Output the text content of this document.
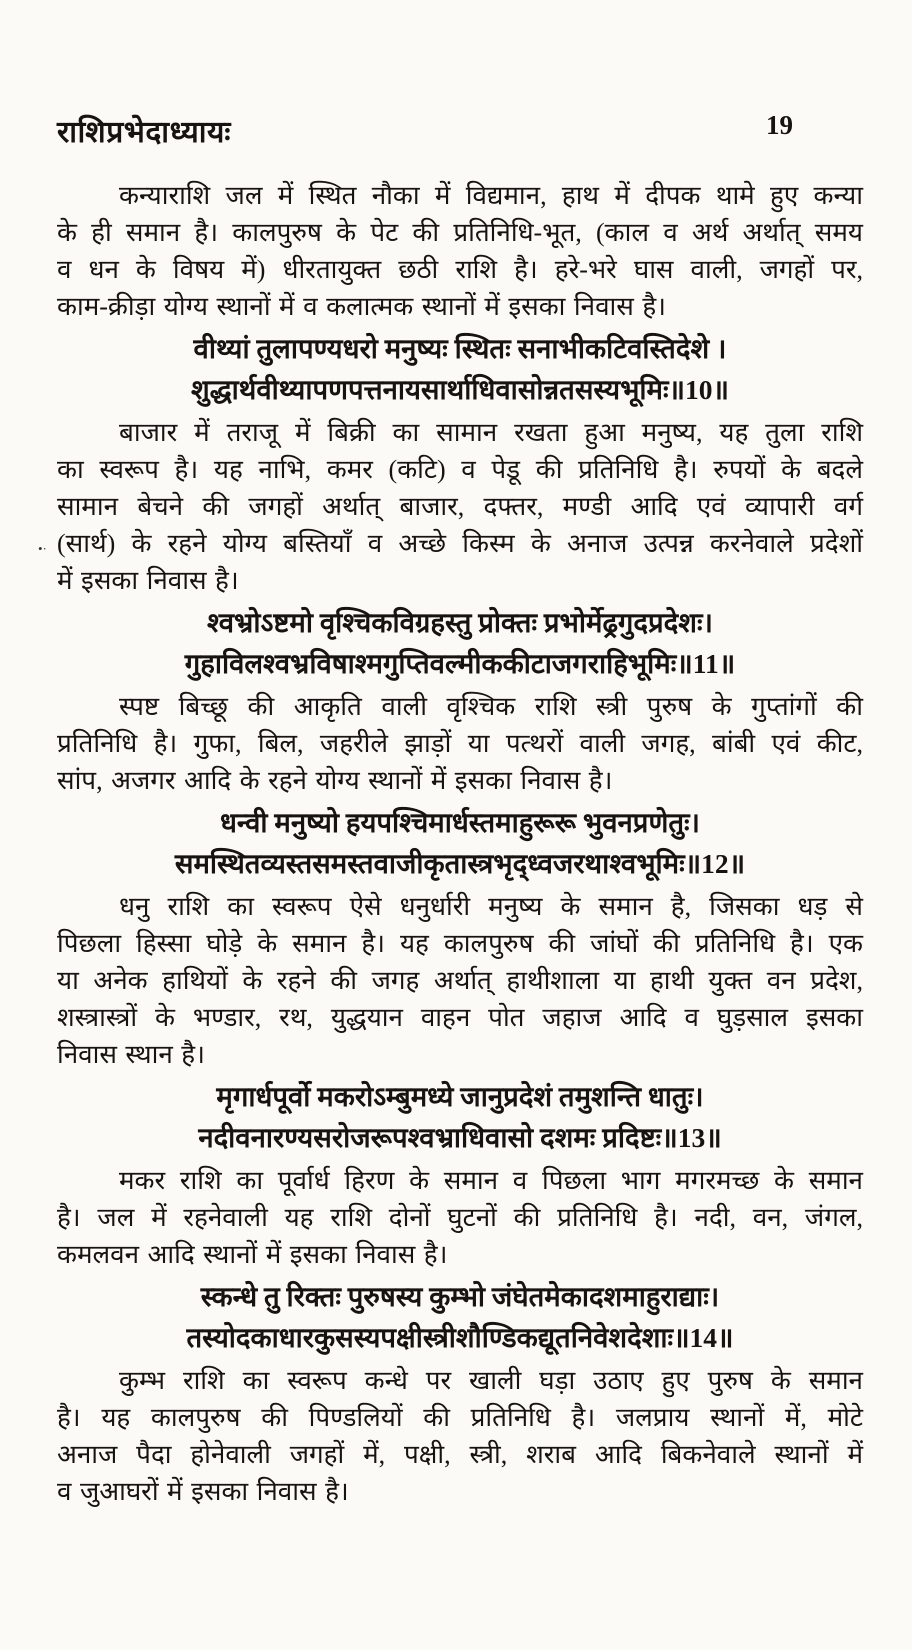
राशिप्रभेदाध्यायः	19
कन्याराशि जल में स्थित नौका में विद्यमान, हाथ में दीपक थामे हुए कन्या
के ही समान है। कालपुरुष के पेट की प्रतिनिधि-भूत, (काल व अर्थ अर्थात् समय
व धन के विषय में) धीरतायुक्त छठी राशि है। हरे-भरे घास वाली, जगहों पर,
काम-क्रीड़ा योग्य स्थानों में व कलात्मक स्थानों में इसका निवास है।
वीथ्यां तुलापण्यधरो मनुष्यः स्थितः सनाभीकटिवस्तिदेशे ।
शुद्धार्थवीथ्यापणपत्तनायसार्थाधिवासोन्नतसस्यभूमिः॥10॥
बाजार में तराजू में बिक्री का सामान रखता हुआ मनुष्य, यह तुला राशि
का स्वरूप है। यह नाभि, कमर (कटि) व पेडू की प्रतिनिधि है। रुपयों के बदले
सामान बेचने की जगहों अर्थात् बाजार, दफ्तर, मण्डी आदि एवं व्यापारी वर्ग
(सार्थ) के रहने योग्य बस्तियाँ व अच्छे किस्म के अनाज उत्पन्न करनेवाले प्रदेशों
में इसका निवास है।
श्वभ्रोऽष्टमो वृश्चिकविग्रहस्तु प्रोक्तः प्रभोर्मेढ्रगुदप्रदेशः।
गुहाविलश्वभ्रविषाश्मगुप्तिवल्मीककीटाजगराहिभूमिः॥11॥
स्पष्ट बिच्छू की आकृति वाली वृश्चिक राशि स्त्री पुरुष के गुप्तांगों की
प्रतिनिधि है। गुफा, बिल, जहरीले झाड़ों या पत्थरों वाली जगह, बांबी एवं कीट,
सांप, अजगर आदि के रहने योग्य स्थानों में इसका निवास है।
धन्वी मनुष्यो हयपश्चिमार्धस्तमाहुरूरू भुवनप्रणेतुः।
समस्थितव्यस्तसमस्तवाजीकृतास्त्रभृद्ध्वजरथाश्वभूमिः॥12॥
धनु राशि का स्वरूप ऐसे धनुर्धारी मनुष्य के समान है, जिसका धड़ से
पिछला हिस्सा घोड़े के समान है। यह कालपुरुष की जांघों की प्रतिनिधि है। एक
या अनेक हाथियों के रहने की जगह अर्थात् हाथीशाला या हाथी युक्त वन प्रदेश,
शस्त्रास्त्रों के भण्डार, रथ, युद्धयान वाहन पोत जहाज आदि व घुड़साल इसका
निवास स्थान है।
मृगार्धपूर्वो मकरोऽम्बुमध्ये जानुप्रदेशं तमुशन्ति धातुः।
नदीवनारण्यसरोजरूपश्वभ्राधिवासो दशमः प्रदिष्टः॥13॥
मकर राशि का पूर्वार्ध हिरण के समान व पिछला भाग मगरमच्छ के समान
है। जल में रहनेवाली यह राशि दोनों घुटनों की प्रतिनिधि है। नदी, वन, जंगल,
कमलवन आदि स्थानों में इसका निवास है।
स्कन्धे तु रिक्तः पुरुषस्य कुम्भो जंघेतमेकादशमाहुराद्याः।
तस्योदकाधारकुसस्यपक्षीस्त्रीशौण्डिकद्यूतनिवेशदेशाः॥14॥
कुम्भ राशि का स्वरूप कन्धे पर खाली घड़ा उठाए हुए पुरुष के समान
है। यह कालपुरुष की पिण्डलियों की प्रतिनिधि है। जलप्राय स्थानों में, मोटे
अनाज पैदा होनेवाली जगहों में, पक्षी, स्त्री, शराब आदि बिकनेवाले स्थानों में
व जुआघरों में इसका निवास है।
•·
